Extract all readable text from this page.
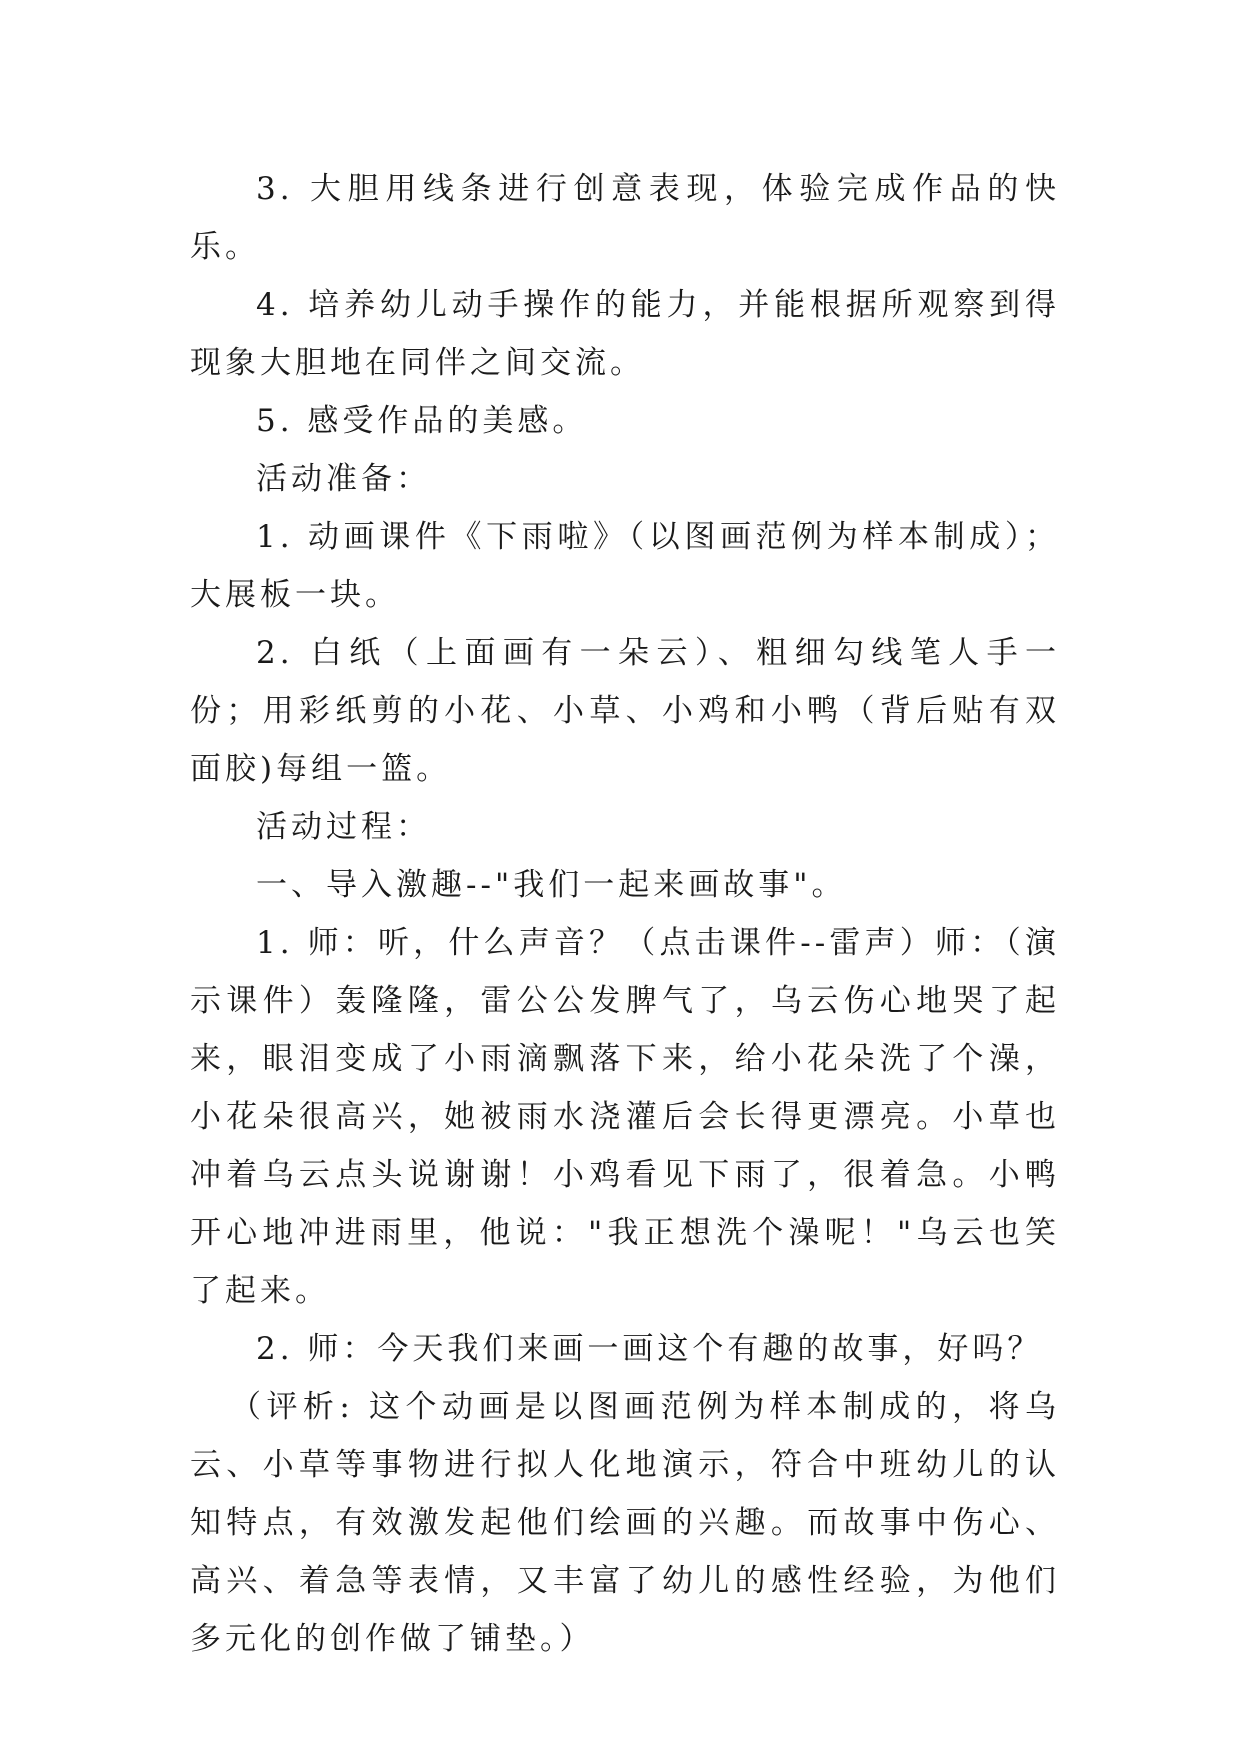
3. 大胆用线条进行创意表现，体验完成作品的快乐。

4. 培养幼儿动手操作的能力，并能根据所观察到得现象大胆地在同伴之间交流。

5. 感受作品的美感。

活动准备：

1. 动画课件《下雨啦》（以图画范例为样本制成）；大展板一块。

2. 白纸（上面画有一朵云）、粗细勾线笔人手一份；用彩纸剪的小花、小草、小鸡和小鸭（背后贴有双面胶)每组一篮。

活动过程：

一、导入激趣--"我们一起来画故事"。

1. 师：听，什么声音？（点击课件--雷声）师：（演示课件）轰隆隆，雷公公发脾气了，乌云伤心地哭了起来，眼泪变成了小雨滴飘落下来，给小花朵洗了个澡，小花朵很高兴，她被雨水浇灌后会长得更漂亮。小草也冲着乌云点头说谢谢！小鸡看见下雨了，很着急。小鸭开心地冲进雨里，他说："我正想洗个澡呢！"乌云也笑了起来。

2. 师：今天我们来画一画这个有趣的故事，好吗？

（评析: 这个动画是以图画范例为样本制成的，将乌云、小草等事物进行拟人化地演示，符合中班幼儿的认知特点，有效激发起他们绘画的兴趣。而故事中伤心、高兴、着急等表情，又丰富了幼儿的感性经验，为他们多元化的创作做了铺垫。）
